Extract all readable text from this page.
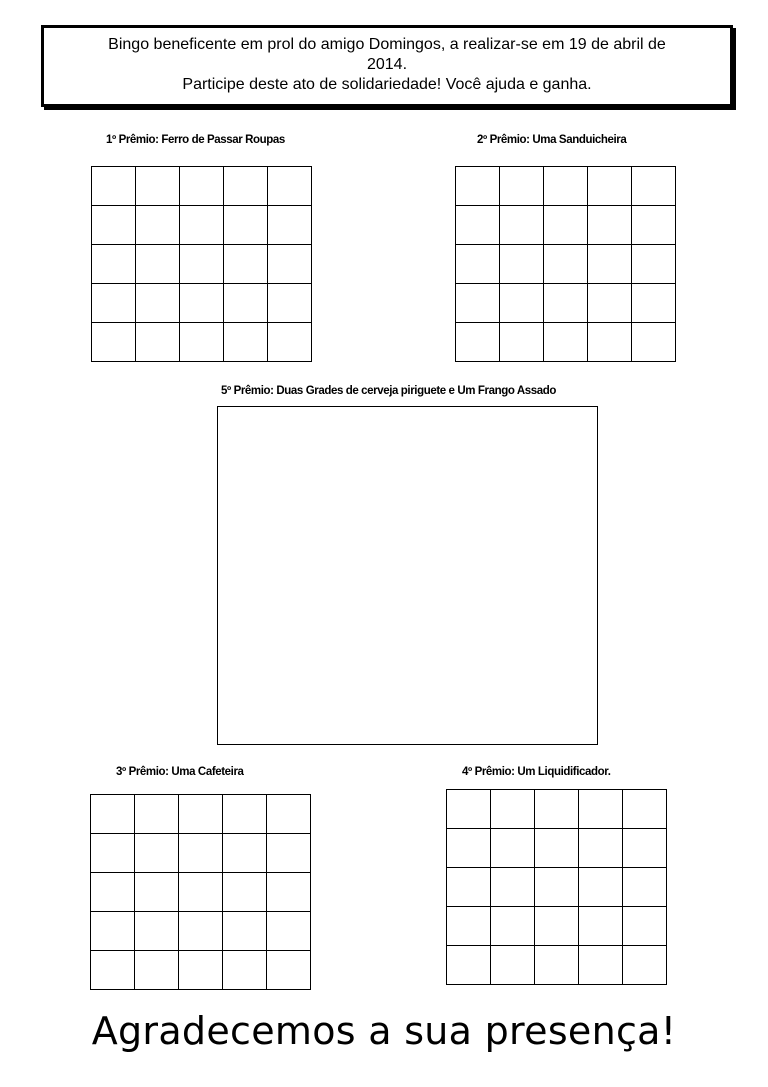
Bingo beneficente em prol do amigo Domingos, a realizar-se em 19 de abril de
2014.
Participe deste ato de solidariedade! Você ajuda e ganha.
1º Prêmio: Ferro de Passar Roupas	2º Prêmio: Uma Sanduicheira

5º Prêmio: Duas Grades de cerveja piriguete e Um Frango Assado
3º Prêmio: Uma Cafeteira	4º Prêmio: Um Liquidificador.

Agradecemos a sua presença!
